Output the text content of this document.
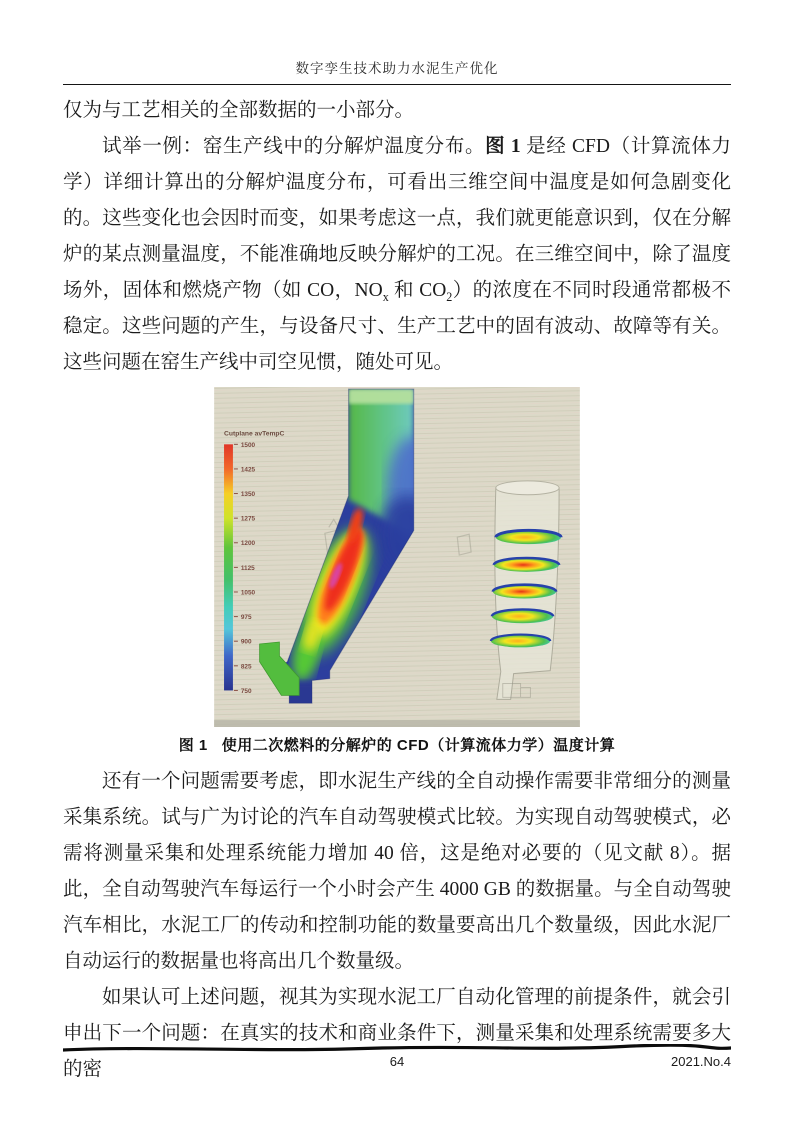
数字孪生技术助力水泥生产优化

仅为与工艺相关的全部数据的一小部分。

试举一例：窑生产线中的分解炉温度分布。图 1 是经 CFD（计算流体力学）详细计算出的分解炉温度分布，可看出三维空间中温度是如何急剧变化的。这些变化也会因时而变，如果考虑这一点，我们就更能意识到，仅在分解炉的某点测量温度，不能准确地反映分解炉的工况。在三维空间中，除了温度场外，固体和燃烧产物（如 CO，$NO_x$ 和 $CO_2$）的浓度在不同时段通常都极不稳定。这些问题的产生，与设备尺寸、生产工艺中的固有波动、故障等有关。这些问题在窑生产线中司空见惯，随处可见。

Cutplane avTempC
1500
1425
1350
1275
1200
1125
1050
975
900
825
750
图 1 使用二次燃料的分解炉的 CFD（计算流体力学）温度计算

还有一个问题需要考虑，即水泥生产线的全自动操作需要非常细分的测量采集系统。试与广为讨论的汽车自动驾驶模式比较。为实现自动驾驶模式，必需将测量采集和处理系统能力增加 40 倍，这是绝对必要的（见文献 8）。据此，全自动驾驶汽车每运行一个小时会产生 4000 GB 的数据量。与全自动驾驶汽车相比，水泥工厂的传动和控制功能的数量要高出几个数量级，因此水泥厂自动运行的数据量也将高出几个数量级。

如果认可上述问题，视其为实现水泥工厂自动化管理的前提条件，就会引申出下一个问题：在真实的技术和商业条件下，测量采集和处理系统需要多大的密	64	2021.No.4
